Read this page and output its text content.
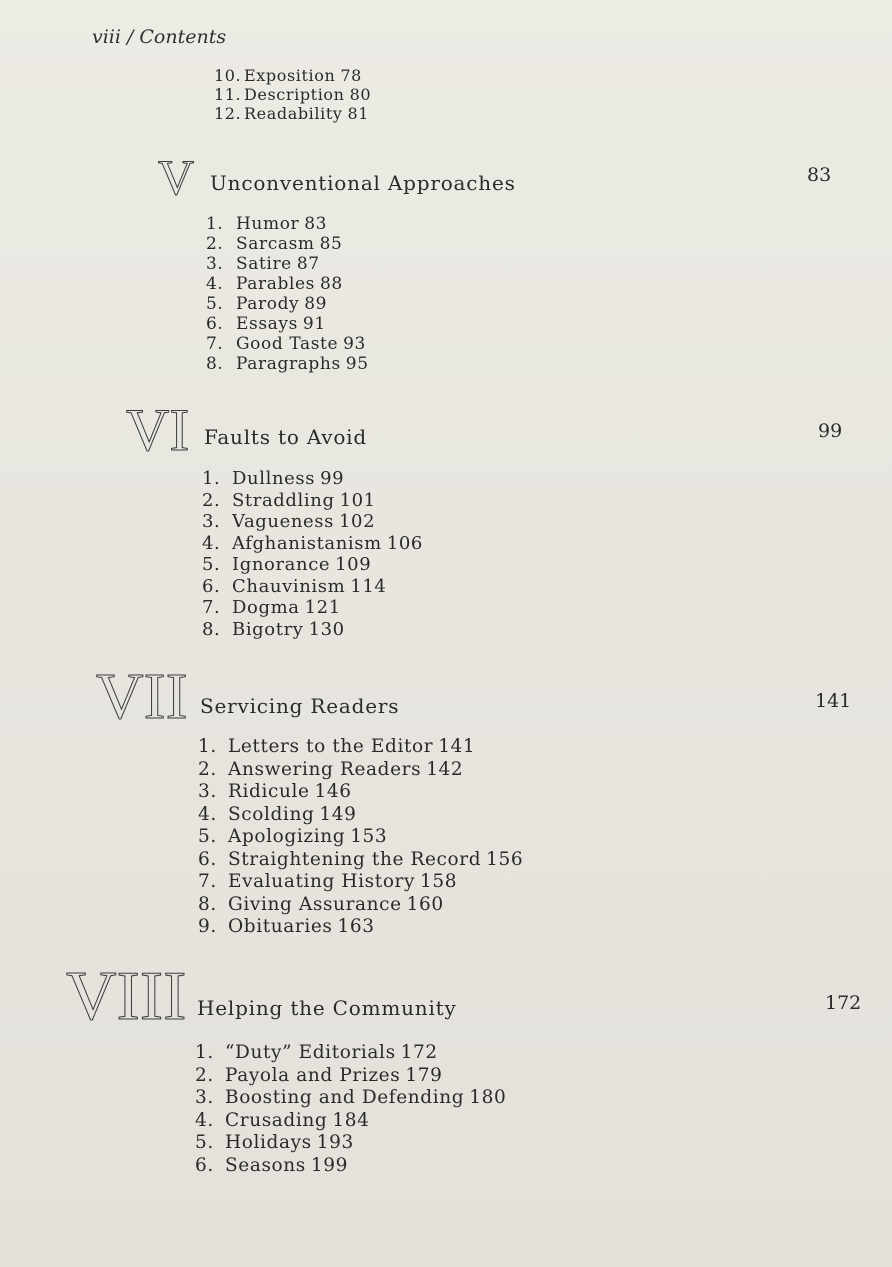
viii / Contents
10. Exposition 78
11. Description 80
12. Readability 81
V Unconventional Approaches	83
1. Humor 83
2. Sarcasm 85
3. Satire 87
4. Parables 88
5. Parody 89
6. Essays 91
7. Good Taste 93
8. Paragraphs 95
VI Faults to Avoid	99
1. Dullness 99
2. Straddling 101
3. Vagueness 102
4. Afghanistanism 106
5. Ignorance 109
6. Chauvinism 114
7. Dogma 121
8. Bigotry 130
VII Servicing Readers	141
1. Letters to the Editor 141
2. Answering Readers 142
3. Ridicule 146
4. Scolding 149
5. Apologizing 153
6. Straightening the Record 156
7. Evaluating History 158
8. Giving Assurance 160
9. Obituaries 163
VIII Helping the Community	172
1. “Duty” Editorials 172
2. Payola and Prizes 179
3. Boosting and Defending 180
4. Crusading 184
5. Holidays 193
6. Seasons 199
